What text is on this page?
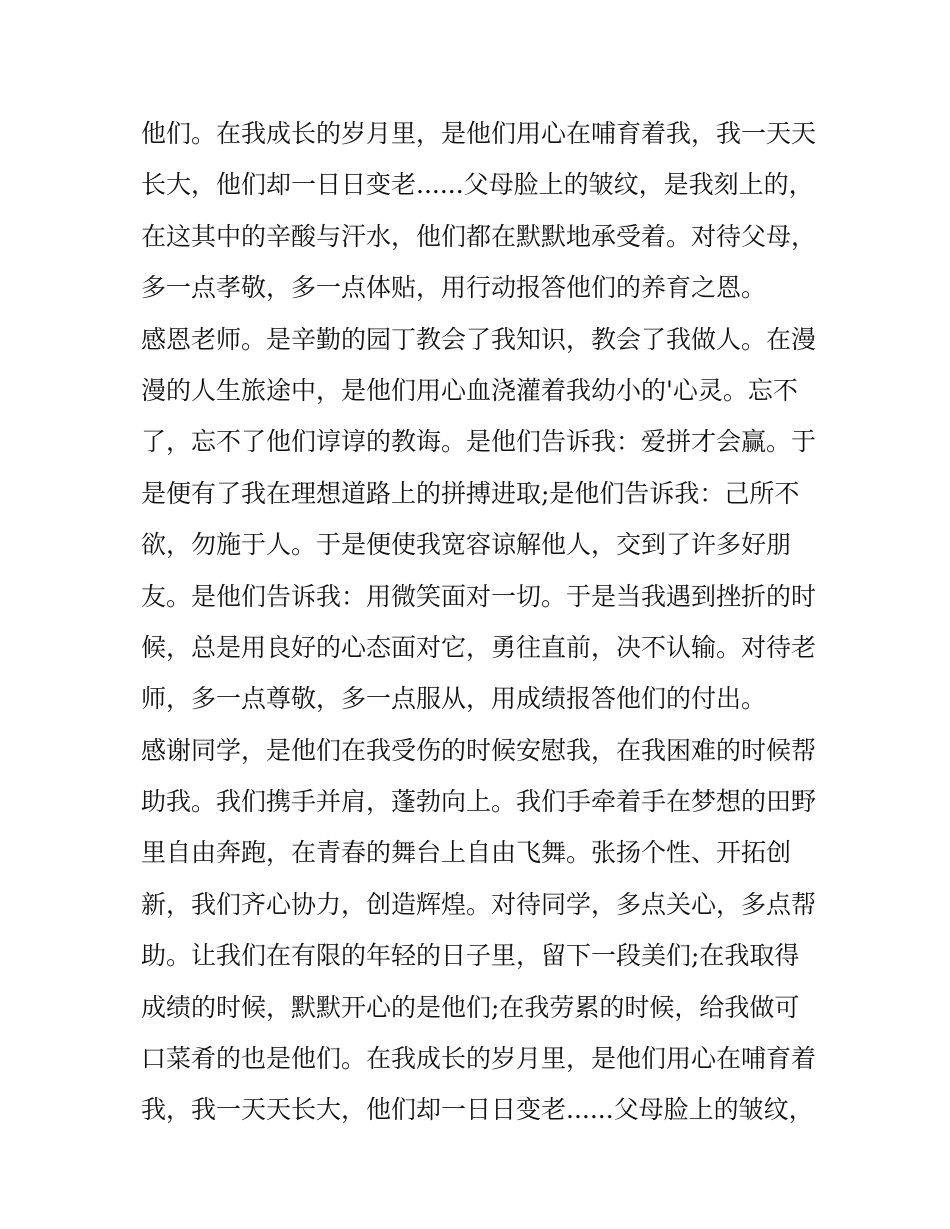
他们。在我成长的岁月里，是他们用心在哺育着我，我一天天
长大，他们却一日日变老......父母脸上的皱纹，是我刻上的，
在这其中的辛酸与汗水，他们都在默默地承受着。对待父母，
多一点孝敬，多一点体贴，用行动报答他们的养育之恩。
感恩老师。是辛勤的园丁教会了我知识，教会了我做人。在漫
漫的人生旅途中，是他们用心血浇灌着我幼小的'心灵。忘不
了，忘不了他们谆谆的教诲。是他们告诉我：爱拼才会赢。于
是便有了我在理想道路上的拼搏进取;是他们告诉我：己所不
欲，勿施于人。于是便使我宽容谅解他人，交到了许多好朋
友。是他们告诉我：用微笑面对一切。于是当我遇到挫折的时
候，总是用良好的心态面对它，勇往直前，决不认输。对待老
师，多一点尊敬，多一点服从，用成绩报答他们的付出。
感谢同学，是他们在我受伤的时候安慰我，在我困难的时候帮
助我。我们携手并肩，蓬勃向上。我们手牵着手在梦想的田野
里自由奔跑，在青春的舞台上自由飞舞。张扬个性、开拓创
新，我们齐心协力，创造辉煌。对待同学，多点关心，多点帮
助。让我们在有限的年轻的日子里，留下一段美们;在我取得
成绩的时候，默默开心的是他们;在我劳累的时候，给我做可
口菜肴的也是他们。在我成长的岁月里，是他们用心在哺育着
我，我一天天长大，他们却一日日变老......父母脸上的皱纹，
